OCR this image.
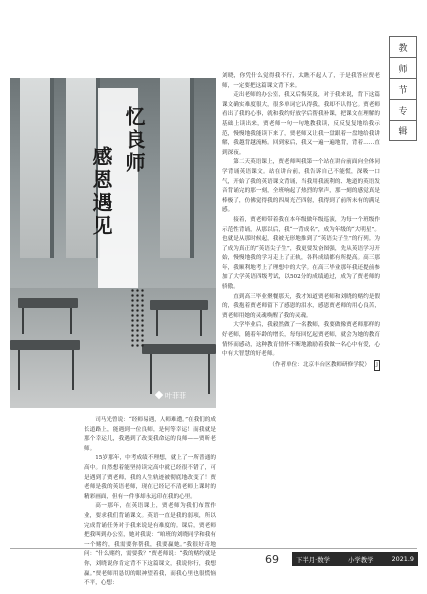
忆良师
感恩遇见
叶菲菲

司马光曾说：“经师易遇，人师难遭。”在我们的成长道路上，能遇到一位良师，是何等幸运！而我就是那个幸运儿，我遇到了改变我命运的良师——贾昕老师。

15岁那年，中考成绩不理想，就上了一所普通的高中。自然想着能坚持读完高中就已经很不错了，可是遇到了贾老师，我的人生轨迹被彻底地改变了！贾老师是我的英语老师，现在已经记不清老师上课时的精彩画面，但有一件事却永远印在我的心里。

高一那年，在英语课上，贾老师为我们布置作业，要求我们背诵课文。英语一直是我的弱项，所以完成背诵任务对于我来说是有难度的。课后，贾老师把我叫到办公室，她对我说：“咱班的刘晓同学和我有一个赌约，我需要你帮我，我要赢她。”我很好奇地问：“什么赌约，需要我？”贾老师说：“我的赌约就是你，刘晓说你肯定背不下这篇课文，我说你行，我想赢。”贾老师用恳切的眼神望着我，而我心里也很慌恼不平，心想：

刘晓，你凭什么觉得我不行，太瞧不起人了，于是我答应贾老师，一定要把这篇课文背下来。

走出老师的办公室，我又后悔莫及，对于我来说，背下这篇课文确实难度很大，很多单词它认得我，我却不认得它。贾老师看出了我的心事，就和我约好放学后帮我补课，把课文在理解的基础上读出来，贾老师一句一句地教我读，反反复复地给我示范，慢慢地我能读下来了，贾老师又让我一盘跟着一盘地给我讲解，我越背越流畅。回到家后，我又一遍一遍地背，背着……直到深夜。

第二天英语课上，贾老师叫我第一个站在讲台前面向全体同学背诵英语课文。站在讲台前，我告诉自己不能慌，深吸一口气，开始了我的英语课文背诵，当我用我流利的、地道的英语发音背诵完的那一刻，全班响起了热烈的掌声，那一刻的感觉真是棒极了，仿佛觉得我的四周光芒四射，我得到了前所未有的满足感。

接着，贾老师带着我在本年级做年级巡演，为每一个班级作示范性背诵，从那以后，我“一背成名”，成为年级的“大明星”。也就是从那时候起，我被无形地推到了“英语尖子生”的行列。为了成为真正的“英语尖子生”，我更要发奋图强，先从英语学习开始，慢慢地我的学习走上了正轨，各科成绩都有所提高。高三那年，我顺利地考上了理想中的大学。在高三毕业那年我还提前参加了大学英语四级考试，以502分的成绩通过，成为了贾老师的骄傲。

直到高三毕业聚餐那天，我才知道贾老师和刘晓的赌约是假的，我抱着贾老师留下了感恩的泪水，感恩贾老师的用心良苦，贾老师用她的灵魂唤醒了我的灵魂。

大学毕业后，我毅然做了一名教师，我要做像贾老师那样的好老师，随着年龄的增长，每每回忆起贾老师，就会为她的教育情怀而感动，这种教育情怀不断地激励着我做一名心中有爱，心中有大智慧的好老师。

（作者单位：北京丰台区教师研修学院） J

教
师
节
专
辑
69	下半月·数学	小学教学	2021.9
